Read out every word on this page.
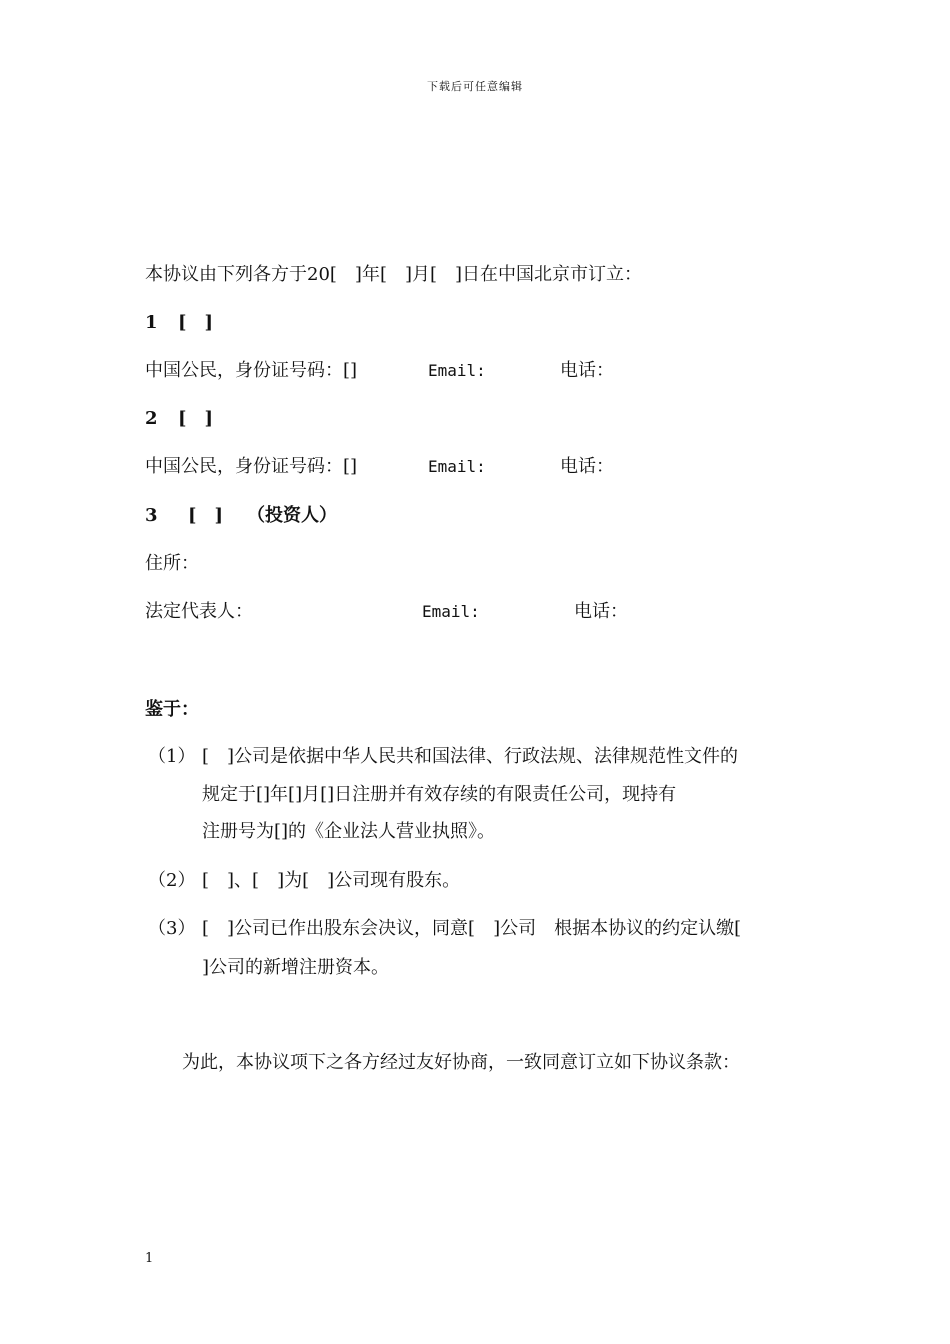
下载后可任意编辑
本协议由下列各方于20[　]年[　]月[　]日在中国北京市订立：
1 [　]
中国公民，身份证号码：[]	Email:	电话：
2 [　]
中国公民，身份证号码：[]	Email:	电话：
3 [　] （投资人）
住所：
法定代表人：	Email:	电话：
鉴于：
（1） [　]公司是依据中华人民共和国法律、行政法规、法律规范性文件的
规定于[]年[]月[]日注册并有效存续的有限责任公司，现持有
注册号为[]的《企业法人营业执照》。
（2） [　]、[　]为[　]公司现有股东。
（3） [　]公司已作出股东会决议，同意[　]公司　根据本协议的约定认缴[
]公司的新增注册资本。
为此，本协议项下之各方经过友好协商，一致同意订立如下协议条款：
1
